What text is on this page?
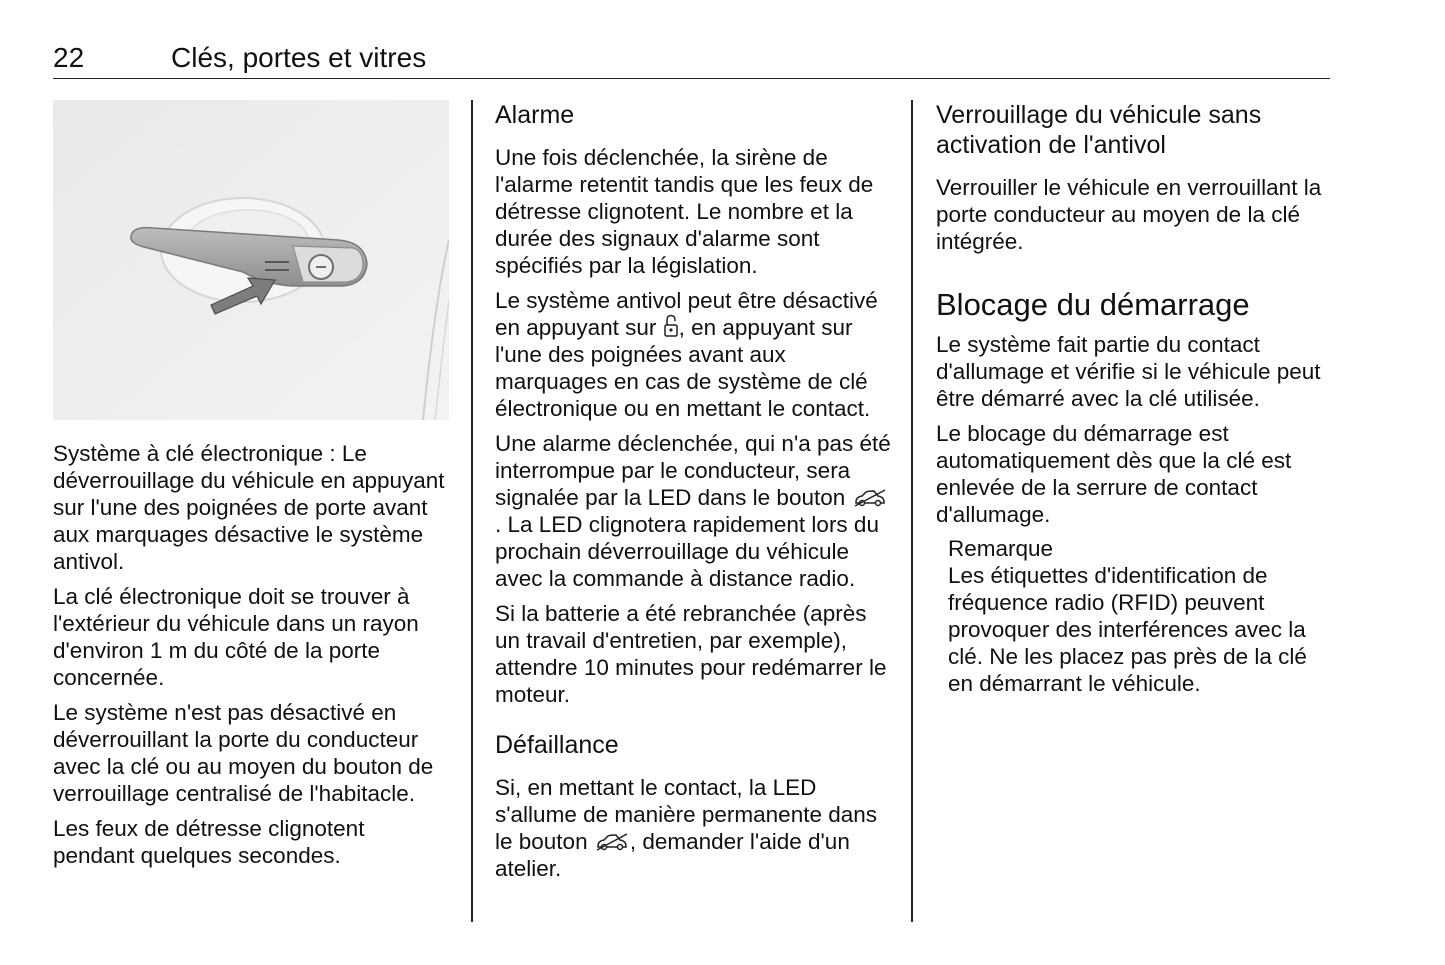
22	Clés, portes et vitres

Système à clé électronique : Le déverrouillage du véhicule en appuyant sur l'une des poignées de porte avant aux marquages désactive le système antivol.

La clé électronique doit se trouver à l'extérieur du véhicule dans un rayon d'environ 1 m du côté de la porte concernée.

Le système n'est pas désactivé en déverrouillant la porte du conducteur avec la clé ou au moyen du bouton de verrouillage centralisé de l'habitacle.

Les feux de détresse clignotent pendant quelques secondes.

Alarme

Une fois déclenchée, la sirène de l'alarme retentit tandis que les feux de détresse clignotent. Le nombre et la durée des signaux d'alarme sont spécifiés par la législation.

Le système antivol peut être désactivé en appuyant sur , en appuyant sur l'une des poignées avant aux marquages en cas de système de clé électronique ou en mettant le contact.

Une alarme déclenchée, qui n'a pas été interrompue par le conducteur, sera signalée par la LED dans le bouton . La LED clignotera rapidement lors du prochain déverrouillage du véhicule avec la commande à distance radio.

Si la batterie a été rebranchée (après un travail d'entretien, par exemple), attendre 10 minutes pour redémarrer le moteur.

Défaillance

Si, en mettant le contact, la LED s'allume de manière permanente dans le bouton , demander l'aide d'un atelier.

Verrouillage du véhicule sans activation de l'antivol

Verrouiller le véhicule en verrouillant la porte conducteur au moyen de la clé intégrée.

Blocage du démarrage

Le système fait partie du contact d'allumage et vérifie si le véhicule peut être démarré avec la clé utilisée.

Le blocage du démarrage est automatiquement dès que la clé est enlevée de la serrure de contact d'allumage.

Remarque

Les étiquettes d'identification de fréquence radio (RFID) peuvent provoquer des interférences avec la clé. Ne les placez pas près de la clé en démarrant le véhicule.
